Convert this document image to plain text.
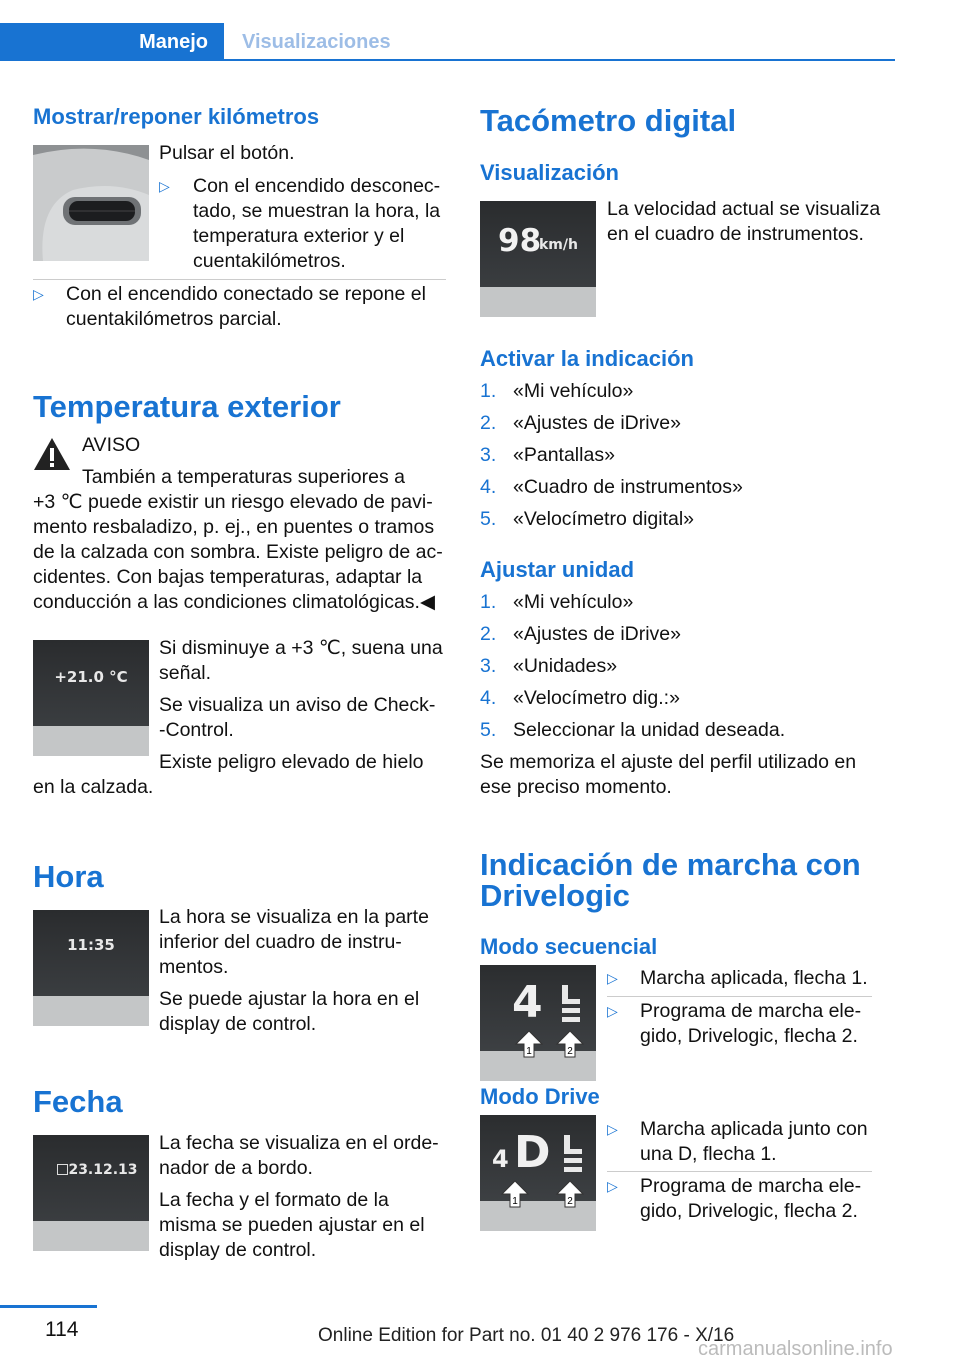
Manejo	Visualizaciones
Mostrar/reponer kilómetros

Pulsar el botón.

▷ Con el encendido desconec-
tado, se muestran la hora, la
temperatura exterior y el
cuentakilómetros.
▷ Con el encendido conectado se repone el
cuentakilómetros parcial.
Temperatura exterior

AVISO

También a temperaturas superiores a
+3 ℃ puede existir un riesgo elevado de pavi‐
mento resbaladizo, p. ej., en puentes o tramos
de la calzada con sombra. Existe peligro de ac‐
cidentes. Con bajas temperaturas, adaptar la
conducción a las condiciones climatológicas.◀
+21.0 °C
Si disminuye a +3 ℃, suena una
señal.
Se visualiza un aviso de Check‐
‐Control.
Existe peligro elevado de hielo
en la calzada.
Hora
11:35
La hora se visualiza en la parte
inferior del cuadro de instru‐
mentos.
Se puede ajustar la hora en el
display de control.
Fecha
23.12.13
La fecha se visualiza en el orde‐
nador de a bordo.
La fecha y el formato de la
misma se pueden ajustar en el
display de control.
Tacómetro digital
Visualización
98
km/h
La velocidad actual se visualiza
en el cuadro de instrumentos.
Activar la indicación
1. «Mi vehículo»
2. «Ajustes de iDrive»
3. «Pantallas»
4. «Cuadro de instrumentos»
5. «Velocímetro digital»
Ajustar unidad
1. «Mi vehículo»
2. «Ajustes de iDrive»
3. «Unidades»
4. «Velocímetro dig.:»
5. Seleccionar la unidad deseada.
Se memoriza el ajuste del perfil utilizado en
ese preciso momento.
Indicación de marcha con
Drivelogic
Modo secuencial
4
1	2
▷ Marcha aplicada, flecha 1.
▷ Programa de marcha ele‐
gido, Drivelogic, flecha 2.
Modo Drive
4 D
1	2
▷ Marcha aplicada junto con
una D, flecha 1.
▷ Programa de marcha ele‐
gido, Drivelogic, flecha 2.
114	Online Edition for Part no. 01 40 2 976 176 - X/16
carmanualsonline.info
